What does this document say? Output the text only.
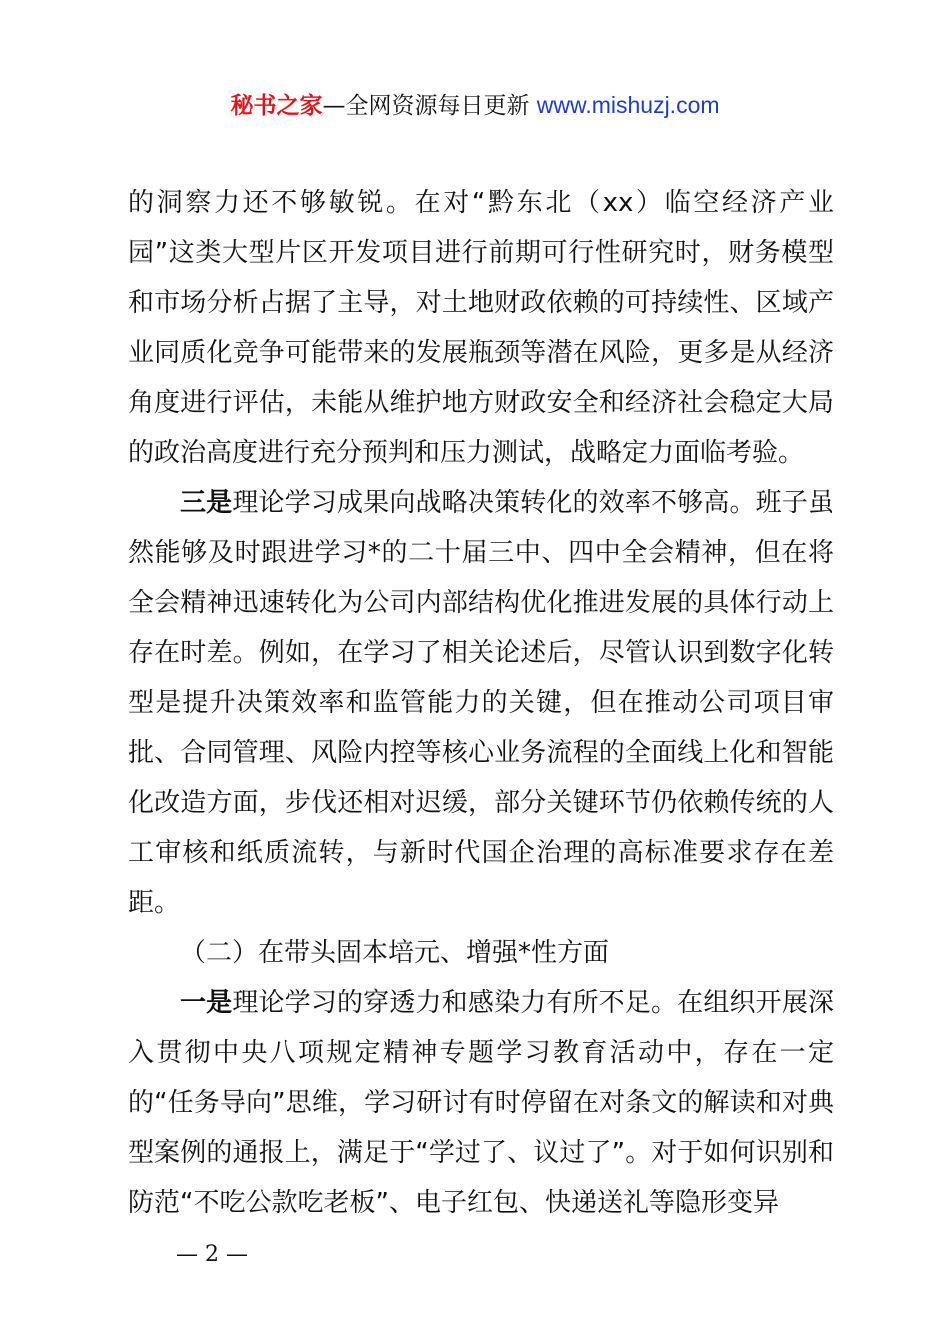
秘书之家—全网资源每日更新 www.mishuzj.com

的洞察力还不够敏锐。在对“黔东北（xx）临空经济产业园”这类大型片区开发项目进行前期可行性研究时，财务模型和市场分析占据了主导，对土地财政依赖的可持续性、区域产业同质化竞争可能带来的发展瓶颈等潜在风险，更多是从经济角度进行评估，未能从维护地方财政安全和经济社会稳定大局的政治高度进行充分预判和压力测试，战略定力面临考验。

三是理论学习成果向战略决策转化的效率不够高。班子虽然能够及时跟进学习*的二十届三中、四中全会精神，但在将全会精神迅速转化为公司内部结构优化推进发展的具体行动上存在时差。例如，在学习了相关论述后，尽管认识到数字化转型是提升决策效率和监管能力的关键，但在推动公司项目审批、合同管理、风险内控等核心业务流程的全面线上化和智能化改造方面，步伐还相对迟缓，部分关键环节仍依赖传统的人工审核和纸质流转，与新时代国企治理的高标准要求存在差距。

（二）在带头固本培元、增强*性方面

一是理论学习的穿透力和感染力有所不足。在组织开展深入贯彻中央八项规定精神专题学习教育活动中，存在一定的“任务导向”思维，学习研讨有时停留在对条文的解读和对典型案例的通报上，满足于“学过了、议过了”。对于如何识别和防范“不吃公款吃老板”、电子红包、快递送礼等隐形变异

— 2 —
